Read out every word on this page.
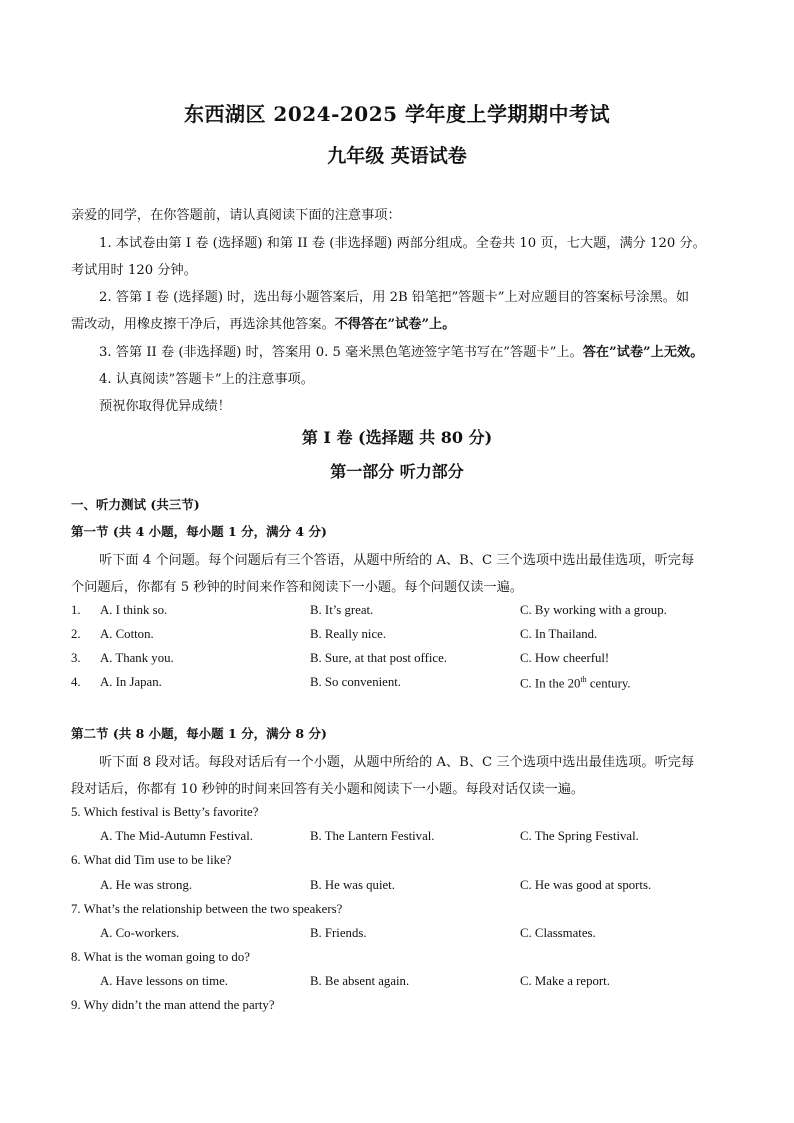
东西湖区 2024-2025 学年度上学期期中考试
九年级 英语试卷
亲爱的同学，在你答题前，请认真阅读下面的注意事项：
1. 本试卷由第 I 卷 (选择题) 和第 II 卷 (非选择题) 两部分组成。全卷共 10 页，七大题，满分 120 分。
考试用时 120 分钟。
2. 答第 I 卷 (选择题) 时，选出每小题答案后，用 2B 铅笔把”答题卡”上对应题目的答案标号涂黑。如
需改动，用橡皮擦干净后，再选涂其他答案。不得答在”试卷”上。
3. 答第 II 卷 (非选择题) 时，答案用 0. 5 毫米黑色笔迹签字笔书写在”答题卡”上。答在”试卷”上无效。
4. 认真阅读”答题卡”上的注意事项。
预祝你取得优异成绩！
第 I 卷 (选择题 共 80 分)
第一部分 听力部分
一、听力测试 (共三节)
第一节 (共 4 小题，每小题 1 分，满分 4 分)
听下面 4 个问题。每个问题后有三个答语，从题中所给的 A、B、C 三个选项中选出最佳选项，听完每
个问题后，你都有 5 秒钟的时间来作答和阅读下一小题。每个问题仅读一遍。
1. A. I think so.	B. It’s great.	C. By working with a group.
2. A. Cotton.	B. Really nice.	C. In Thailand.
3. A. Thank you.	B. Sure, at that post office.	C. How cheerful!
4. A. In Japan.	B. So convenient.	C. In the 20th century.
第二节 (共 8 小题，每小题 1 分，满分 8 分)
听下面 8 段对话。每段对话后有一个小题，从题中所给的 A、B、C 三个选项中选出最佳选项。听完每
段对话后，你都有 10 秒钟的时间来回答有关小题和阅读下一小题。每段对话仅读一遍。
5. Which festival is Betty’s favorite?
A. The Mid-Autumn Festival.	B. The Lantern Festival.	C. The Spring Festival.
6. What did Tim use to be like?
A. He was strong.	B. He was quiet.	C. He was good at sports.
7. What’s the relationship between the two speakers?
A. Co-workers.	B. Friends.	C. Classmates.
8. What is the woman going to do?
A. Have lessons on time.	B. Be absent again.	C. Make a report.
9. Why didn’t the man attend the party?
